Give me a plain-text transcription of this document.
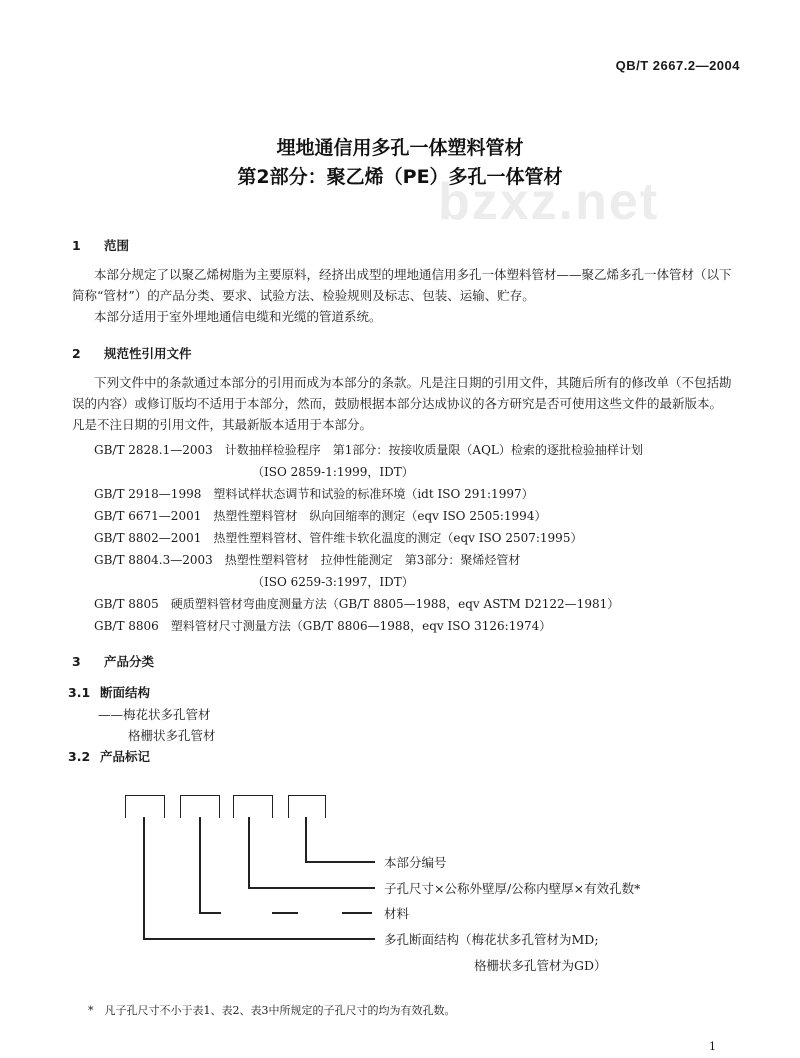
QB/T 2667.2—2004
bzxz.net
埋地通信用多孔一体塑料管材
第2部分：聚乙烯（PE）多孔一体管材
1 范围
本部分规定了以聚乙烯树脂为主要原料，经挤出成型的埋地通信用多孔一体塑料管材——聚乙烯多孔一体管材（以下简称“管材”）的产品分类、要求、试验方法、检验规则及标志、包装、运输、贮存。
本部分适用于室外埋地通信电缆和光缆的管道系统。
2 规范性引用文件
下列文件中的条款通过本部分的引用而成为本部分的条款。凡是注日期的引用文件，其随后所有的修改单（不包括勘误的内容）或修订版均不适用于本部分，然而，鼓励根据本部分达成协议的各方研究是否可使用这些文件的最新版本。凡是不注日期的引用文件，其最新版本适用于本部分。
GB/T 2828.1—2003　计数抽样检验程序　第1部分：按接收质量限（AQL）检索的逐批检验抽样计划
（ISO 2859-1:1999，IDT）
GB/T 2918—1998　塑料试样状态调节和试验的标准环境（idt ISO 291:1997）
GB/T 6671—2001　热塑性塑料管材　纵向回缩率的测定（eqv ISO 2505:1994）
GB/T 8802—2001　热塑性塑料管材、管件维卡软化温度的测定（eqv ISO 2507:1995）
GB/T 8804.3—2003　热塑性塑料管材　拉伸性能测定　第3部分：聚烯烃管材
（ISO 6259-3:1997，IDT）
GB/T 8805　硬质塑料管材弯曲度测量方法（GB/T 8805—1988，eqv ASTM D2122—1981）
GB/T 8806　塑料管材尺寸测量方法（GB/T 8806—1988，eqv ISO 3126:1974）
3 产品分类
3.1 断面结构
——梅花状多孔管材
格栅状多孔管材
3.2 产品标记
本部分编号
子孔尺寸×公称外壁厚/公称内壁厚×有效孔数*
材料
多孔断面结构（梅花状多孔管材为MD;
格栅状多孔管材为GD）
*　凡子孔尺寸不小于表1、表2、表3中所规定的子孔尺寸的均为有效孔数。
1
